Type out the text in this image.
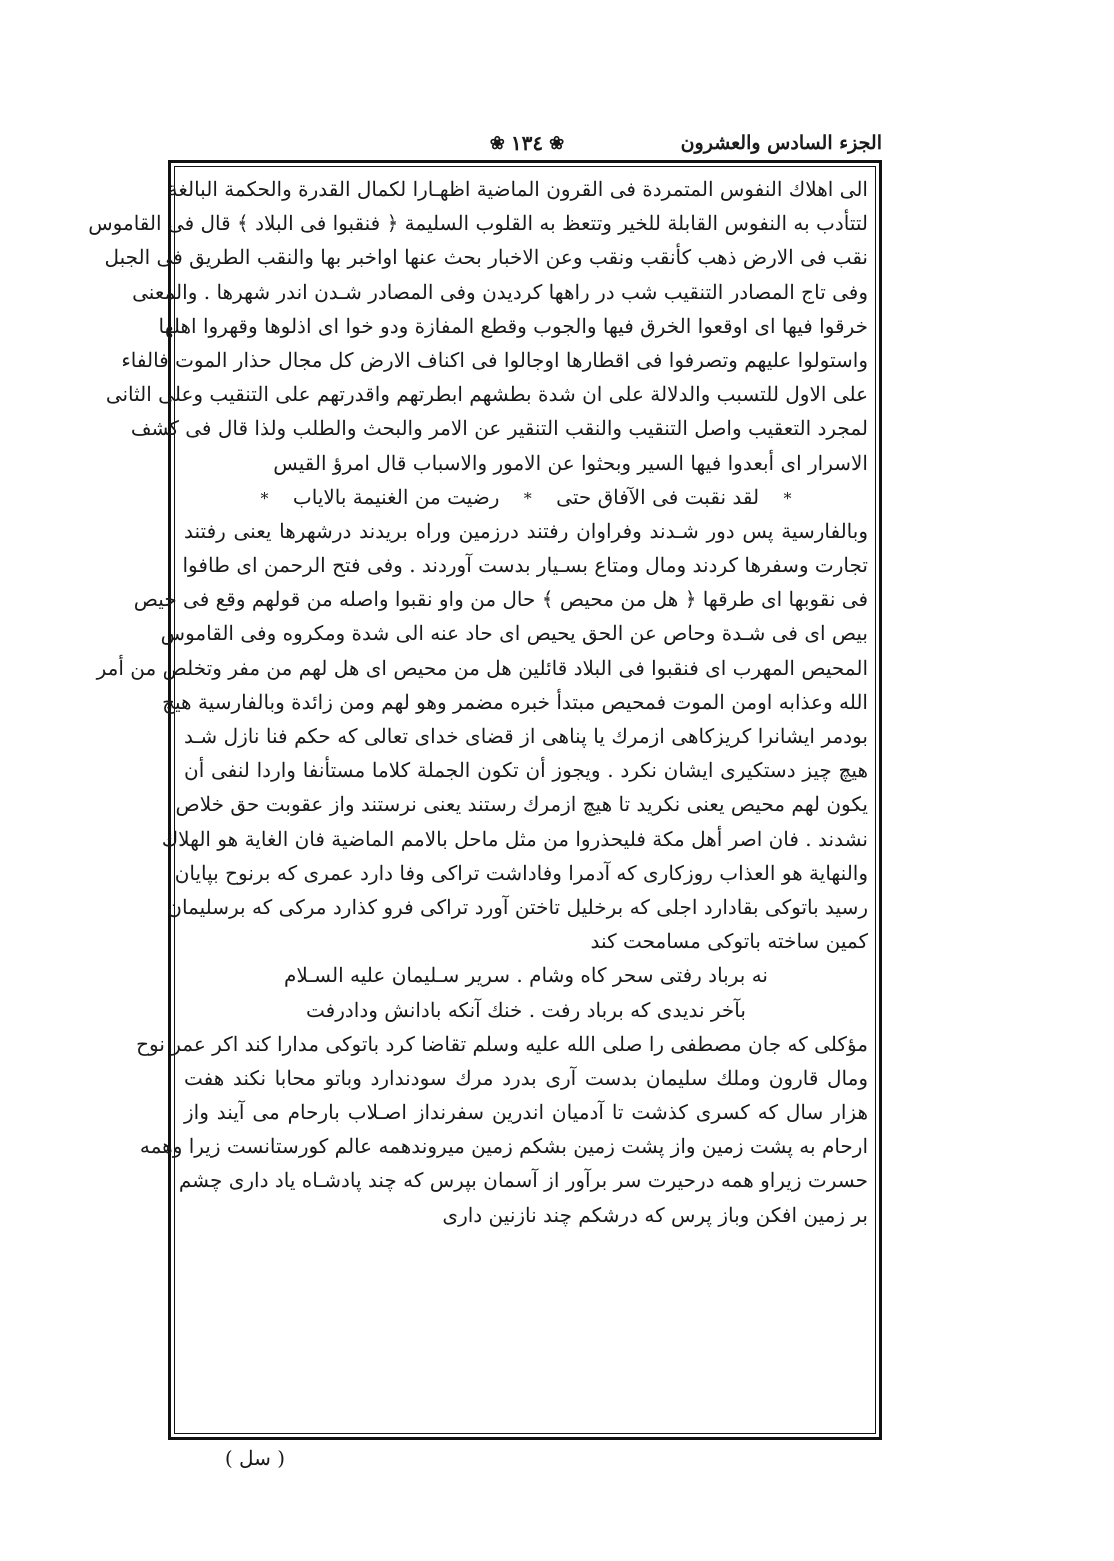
الجزء السادس والعشرون
❀
١٣٤
❀
الى اهلاك النفوس المتمردة فى القرون الماضية اظهـارا لكمال القدرة والحكمة البالغة
لتتأدب به النفوس القابلة للخير وتتعظ به القلوب السليمة ﴿ فنقبوا فى البلاد ﴾ قال فى القاموس
نقب فى الارض ذهب كأنقب ونقب وعن الاخبار بحث عنها اواخبر بها والنقب الطريق فى الجبل
وفى تاج المصادر التنقيب شب در راهها كرديدن وفى المصادر شـدن اندر شهرها . والمعنى
خرقوا فيها اى اوقعوا الخرق فيها والجوب وقطع المفازة ودو خوا اى اذلوها وقهروا اهلها
واستولوا عليهم وتصرفوا فى اقطارها اوجالوا فى اكناف الارض كل مجال حذار الموت فالفاء
على الاول للتسبب والدلالة على ان شدة بطشهم ابطرتهم واقدرتهم على التنقيب وعلى الثانى
لمجرد التعقيب واصل التنقيب والنقب التنقير عن الامر والبحث والطلب ولذا قال فى كشف
الاسرار اى أبعدوا فيها السير وبحثوا عن الامور والاسباب قال امرؤ القيس
* لقد نقبت فى الآفاق حتى * رضيت من الغنيمة بالاياب *
وبالفارسية پس دور شـدند وفراوان رفتند درزمين وراه بريدند درشهرها يعنى رفتند
تجارت وسفرها كردند ومال ومتاع بسـيار بدست آوردند . وفى فتح الرحمن اى طافوا
فى نقوبها اى طرقها ﴿ هل من محيص ﴾ حال من واو نقبوا واصله من قولهم وقع فى حيص
بيص اى فى شـدة وحاص عن الحق يحيص اى حاد عنه الى شدة ومكروه وفى القاموس
المحيص المهرب اى فنقبوا فى البلاد قائلين هل من محيص اى هل لهم من مفر وتخلص من أمر
الله وعذابه اومن الموت فمحيص مبتدأ خبره مضمر وهو لهم ومن زائدة وبالفارسية هيچ
بودمر ايشانرا كريزكاهى ازمرك يا پناهى از قضاى خداى تعالى كه حكم فنا نازل شـد
هيچ چيز دستكيرى ايشان نكرد . ويجوز أن تكون الجملة كلاما مستأنفا واردا لنفى أن
يكون لهم محيص يعنى نكريد تا هيچ ازمرك رستند يعنى نرستند واز عقوبت حق خلاص
نشدند . فان اصر أهل مكة فليحذروا من مثل ماحل بالامم الماضية فان الغاية هو الهلاك
والنهاية هو العذاب روزكارى كه آدمرا وفاداشت تراكى وفا دارد عمرى كه برنوح بپايان
رسيد باتوكى بقادارد اجلى كه برخليل تاختن آورد تراكى فرو كذارد مركى كه برسليمان
كمين ساخته باتوكى مسامحت كند
نه برباد رفتى سحر كاه وشام . سرير سـليمان عليه السـلام
بآخر نديدى كه برباد رفت . خنك آنكه بادانش ودادرفت
مؤكلى كه جان مصطفى را صلى الله عليه وسلم تقاضا كرد باتوكى مدارا كند اكر عمر نوح
ومال قارون وملك سليمان بدست آرى بدرد مرك سودندارد وباتو محابا نكند هفت
هزار سال كه كسرى كذشت تا آدميان اندرين سفرنداز اصـلاب بارحام مى آيند واز
ارحام به پشت زمين واز پشت زمين بشكم زمين ميروندهمه عالم كورستانست زيرا وهمه
حسرت زيراو همه درحيرت سر برآور از آسمان بپرس كه چند پادشـاه ياد دارى چشم
بر زمين افكن وباز پرس كه درشكم چند نازنين دارى
( سل )
